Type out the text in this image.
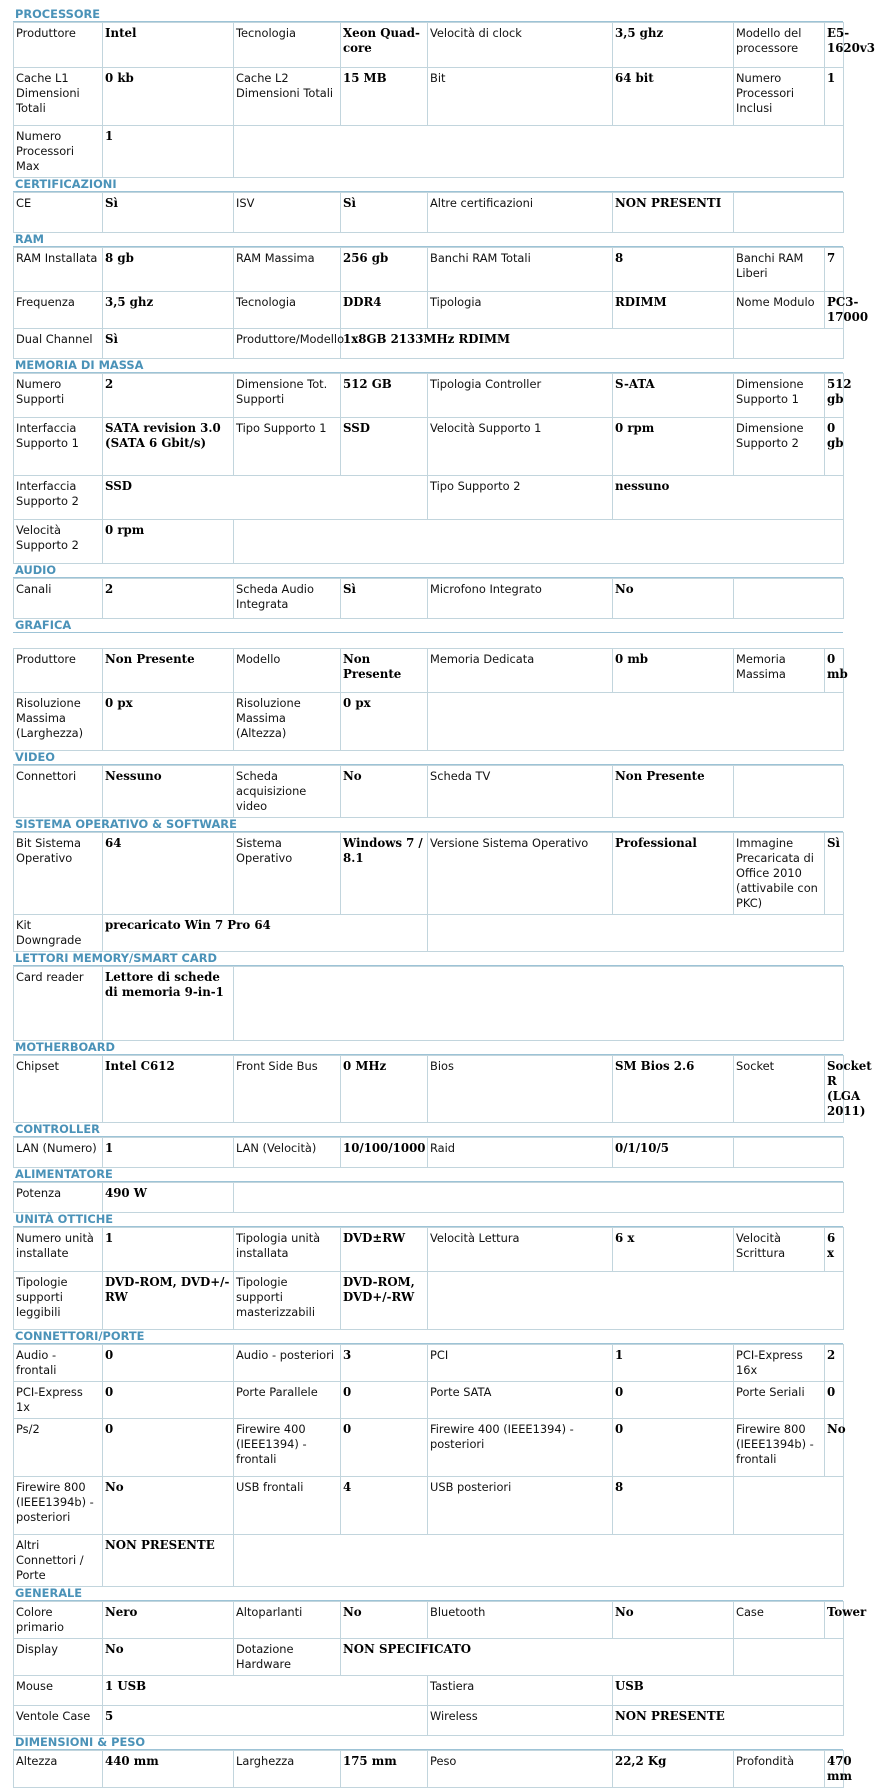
PROCESSORE
Produttore	Intel	Tecnologia	Xeon Quad-core	Velocità di clock	3,5 ghz	Modello del processore	E5-1620v3
Cache L1 Dimensioni Totali	0 kb	Cache L2 Dimensioni Totali	15 MB	Bit	64 bit	Numero Processori Inclusi	1
Numero Processori Max	1						
CERTIFICAZIONI
CE	Sì	ISV	Sì	Altre certificazioni	NON PRESENTI	
RAM
RAM Installata	8 gb	RAM Massima	256 gb	Banchi RAM Totali	8	Banchi RAM Liberi	7
Frequenza	3,5 ghz	Tecnologia	DDR4	Tipologia	RDIMM	Nome Modulo	PC3-17000
Dual Channel	Sì	Produttore/Modello	1x8GB 2133MHz RDIMM				
MEMORIA DI MASSA
Numero Supporti	2	Dimensione Tot. Supporti	512 GB	Tipologia Controller	S-ATA	Dimensione Supporto 1	512 gb
Interfaccia Supporto 1	SATA revision 3.0 (SATA 6 Gbit/s)	Tipo Supporto 1	SSD	Velocità Supporto 1	0 rpm	Dimensione Supporto 2	0 gb
Interfaccia Supporto 2	SSD			Tipo Supporto 2	nessuno		
Velocità Supporto 2	0 rpm						
AUDIO
Canali	2	Scheda Audio Integrata	Sì	Microfono Integrato	No	
GRAFICA
Produttore	Non Presente	Modello	Non Presente	Memoria Dedicata	0 mb	Memoria Massima	0 mb
Risoluzione Massima (Larghezza)	0 px	Risoluzione Massima (Altezza)	0 px				
VIDEO
Connettori	Nessuno	Scheda acquisizione video	No	Scheda TV	Non Presente	
SISTEMA OPERATIVO & SOFTWARE
Bit Sistema Operativo	64	Sistema Operativo	Windows 7 / 8.1	Versione Sistema Operativo	Professional	Immagine Precaricata di Office 2010 (attivabile con PKC)	Sì
Kit Downgrade	precaricato Win 7 Pro 64						
LETTORI MEMORY/SMART CARD
Card reader	Lettore di schede di memoria 9-in-1	
MOTHERBOARD
Chipset	Intel C612	Front Side Bus	0 MHz	Bios	SM Bios 2.6	Socket	Socket R (LGA 2011)
CONTROLLER
LAN (Numero)	1	LAN (Velocità)	10/100/1000	Raid	0/1/10/5	
ALIMENTATORE
Potenza	490 W	
UNITÀ OTTICHE
Numero unità installate	1	Tipologia unità installata	DVD±RW	Velocità Lettura	6 x	Velocità Scrittura	6 x
Tipologie supporti leggibili	DVD-ROM, DVD+/-RW	Tipologie supporti masterizzabili	DVD-ROM, DVD+/-RW				
CONNETTORI/PORTE
Audio - frontali	0	Audio - posteriori	3	PCI	1	PCI-Express 16x	2
PCI-Express 1x	0	Porte Parallele	0	Porte SATA	0	Porte Seriali	0
Ps/2	0	Firewire 400 (IEEE1394) - frontali	0	Firewire 400 (IEEE1394) - posteriori	0	Firewire 800 (IEEE1394b) - frontali	No
Firewire 800 (IEEE1394b) - posteriori	No	USB frontali	4	USB posteriori	8		
Altri Connettori / Porte	NON PRESENTE						
GENERALE
Colore primario	Nero	Altoparlanti	No	Bluetooth	No	Case	Tower
Display	No	Dotazione Hardware	NON SPECIFICATO				
Mouse	1 USB			Tastiera	USB		
Ventole Case	5			Wireless	NON PRESENTE		
DIMENSIONI & PESO
Altezza	440 mm	Larghezza	175 mm	Peso	22,2 Kg	Profondità	470 mm
